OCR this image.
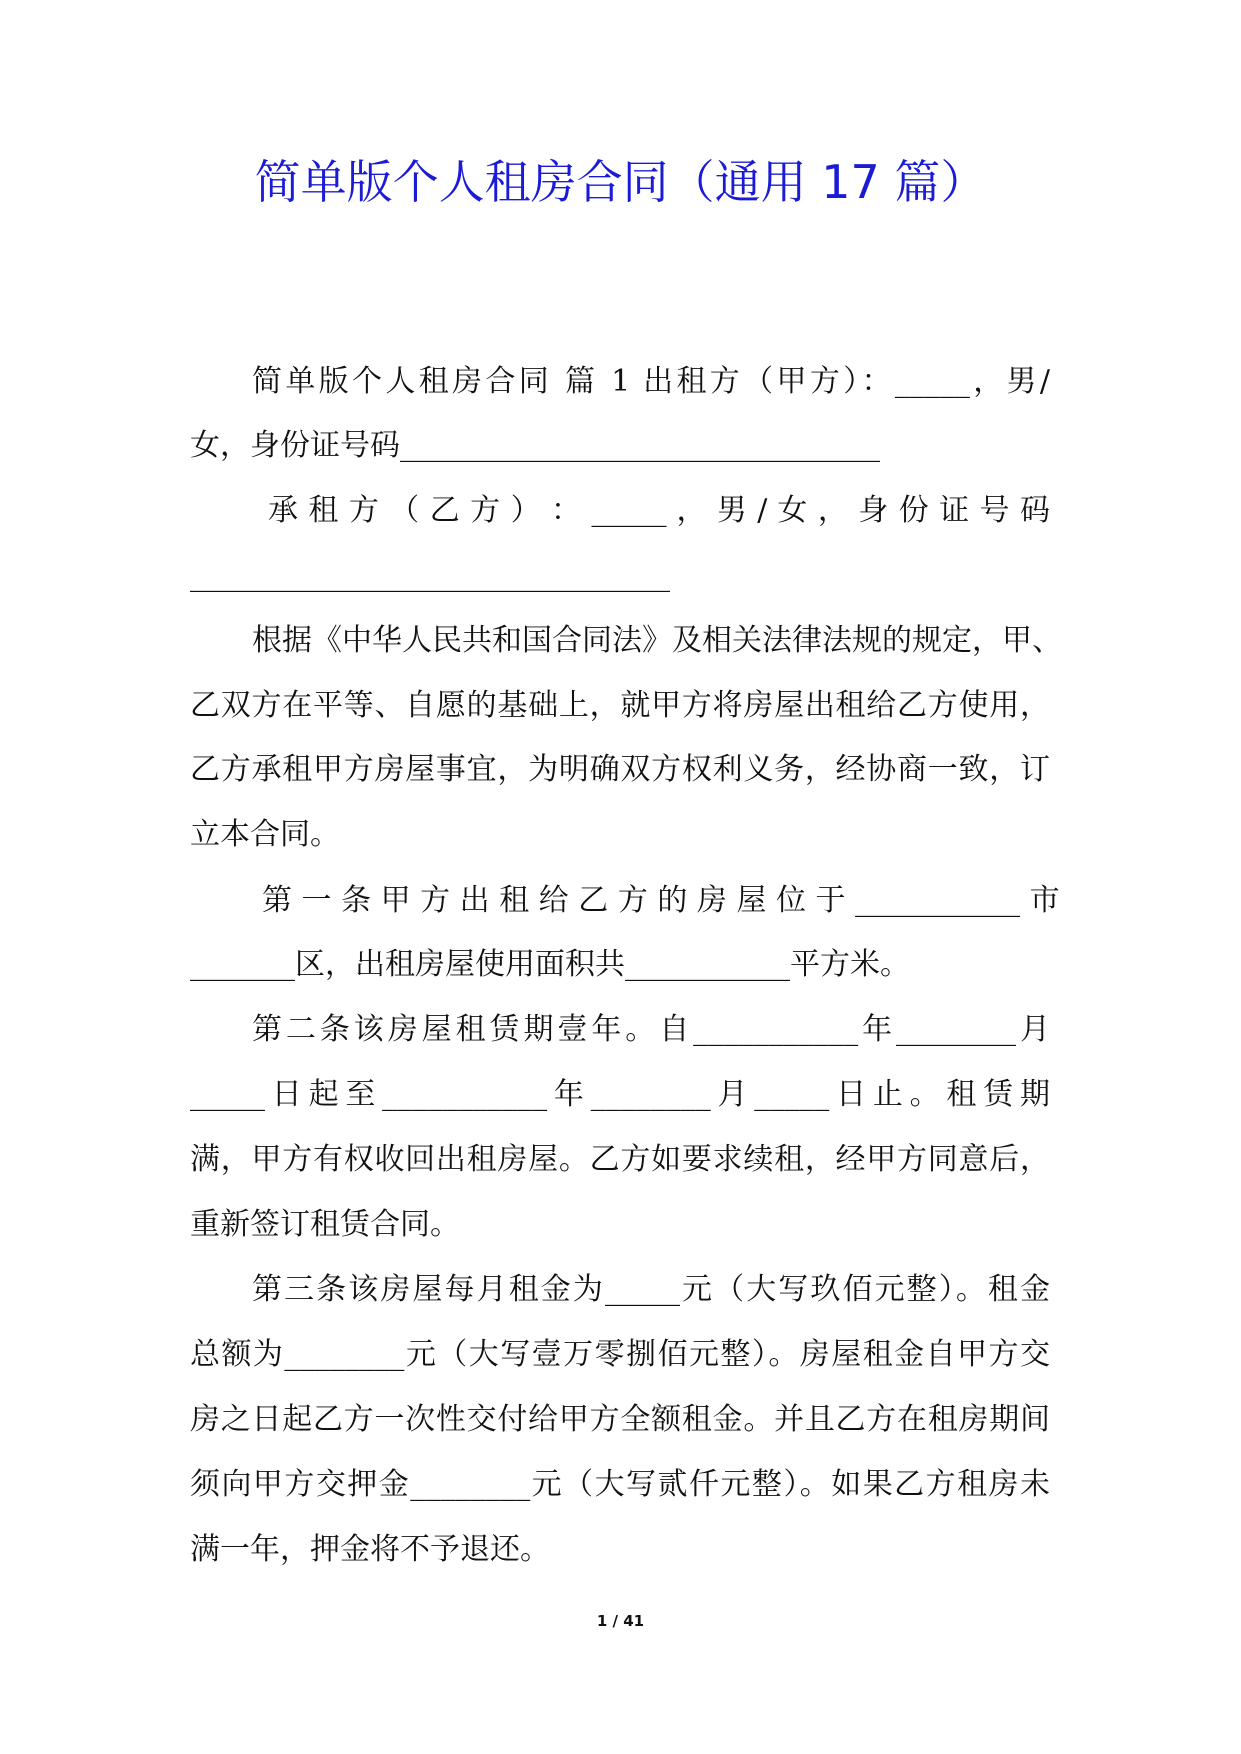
简单版个人租房合同（通用 17 篇）
简单版个人租房合同 篇 1 出租方（甲方）：_____，男/
女，身份证号码________________________________
承 租 方 （ 乙 方 ） ： _____ ， 男 / 女 ， 身 份 证 号 码
________________________________
根据《中华人民共和国合同法》及相关法律法规的规定，甲、
乙双方在平等、自愿的基础上，就甲方将房屋出租给乙方使用，
乙方承租甲方房屋事宜，为明确双方权利义务，经协商一致，订
立本合同。
第 一 条 甲 方 出 租 给 乙 方 的 房 屋 位 于 ___________ 市
_______区，出租房屋使用面积共___________平方米。
第二条该房屋租赁期壹年。自___________年________月
_____日起至___________年________月_____日止。租赁期
满，甲方有权收回出租房屋。乙方如要求续租，经甲方同意后，
重新签订租赁合同。
第三条该房屋每月租金为_____元（大写玖佰元整）。租金
总额为________元（大写壹万零捌佰元整）。房屋租金自甲方交
房之日起乙方一次性交付给甲方全额租金。并且乙方在租房期间
须向甲方交押金________元（大写贰仟元整）。如果乙方租房未
满一年，押金将不予退还。
1 / 41
